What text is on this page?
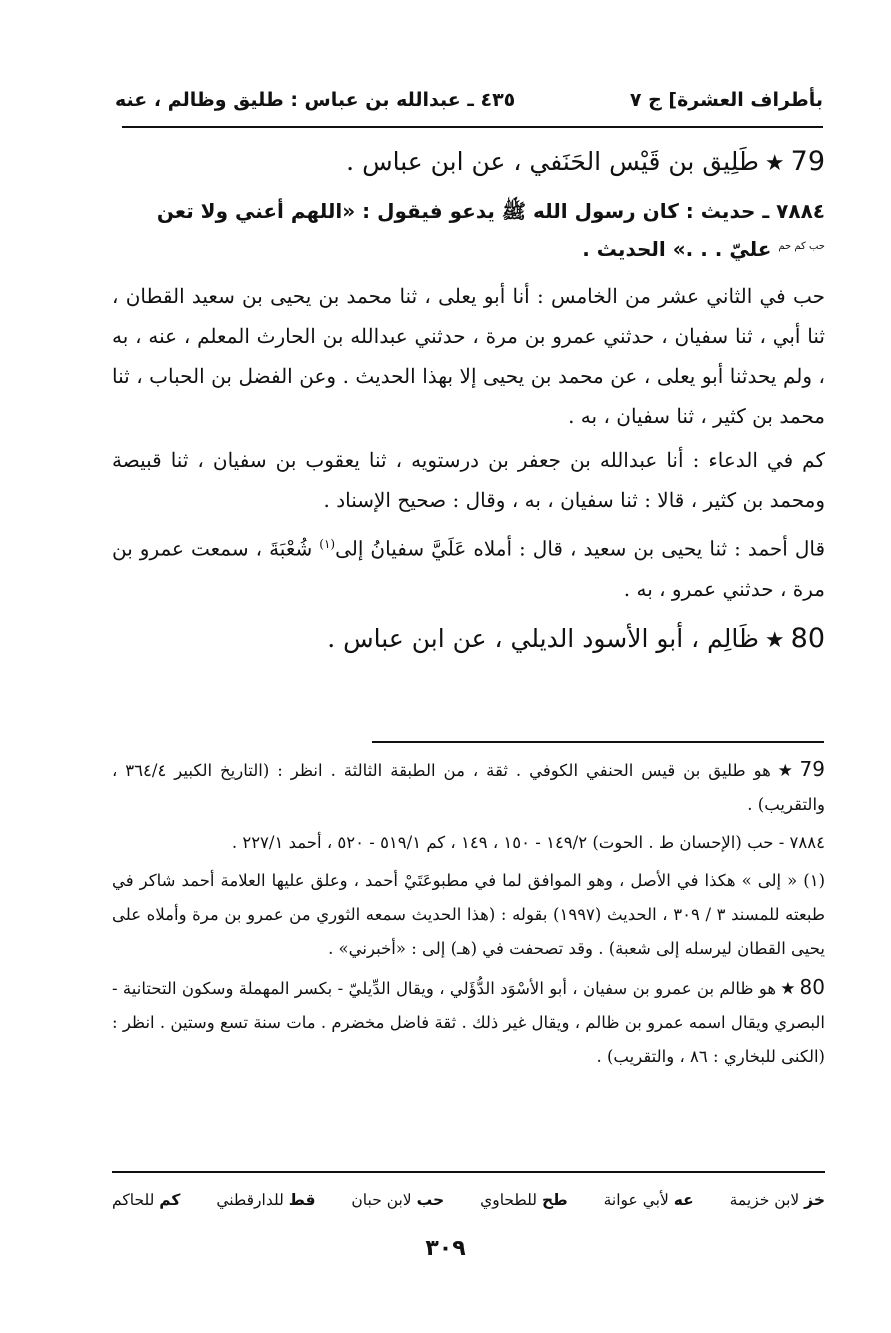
بأطراف العشرة] ج ٧
٤٣٥ ـ عبدالله بن عباس : طليق وظالم ، عنه

79★طَلِيق بن قَيْس الحَنَفي ، عن ابن عباس .

٧٨٨٤ ـ حديث : كان رسول الله ﷺ يدعو فيقول : «اللهم أعني ولا تعن
$^{حب كم حم}$ عليّ . . .» الحديث .

حب في الثاني عشر من الخامس : أنا أبو يعلى ، ثنا محمد بن يحيى بن سعيد القطان ، ثنا أبي ، ثنا سفيان ، حدثني عمرو بن مرة ، حدثني عبدالله بن الحارث المعلم ، عنه ، به ، ولم يحدثنا أبو يعلى ، عن محمد بن يحيى إلا بهذا الحديث . وعن الفضل بن الحباب ، ثنا محمد بن كثير ، ثنا سفيان ، به .

كم في الدعاء : أنا عبدالله بن جعفر بن درستويه ، ثنا يعقوب بن سفيان ، ثنا قبيصة ومحمد بن كثير ، قالا : ثنا سفيان ، به ، وقال : صحيح الإسناد .

قال أحمد : ثنا يحيى بن سعيد ، قال : أملاه عَلَيَّ سفيانُ إلى$^{(١)}$ شُعْبَةَ ، سمعت عمرو بن مرة ، حدثني عمرو ، به .

80★ظَالِم ، أبو الأسود الديلي ، عن ابن عباس .

79★هو طليق بن قيس الحنفي الكوفي . ثقة ، من الطبقة الثالثة . انظر : (التاريخ الكبير ٣٦٤/٤ ، والتقريب) .

٧٨٨٤ - حب (الإحسان ط . الحوت) ١٤٩/٢ - ١٥٠ ، ١٤٩ ، كم ٥١٩/١ - ٥٢٠ ، أحمد ٢٢٧/١ .

(١) « إلى » هكذا في الأصل ، وهو الموافق لما في مطبوعَتَيْ أحمد ، وعلق عليها العلامة أحمد شاكر في طبعته للمسند ٣ / ٣٠٩ ، الحديث (١٩٩٧) بقوله : (هذا الحديث سمعه الثوري من عمرو بن مرة وأملاه على يحيى القطان ليرسله إلى شعبة) . وقد تصحفت في (هـ) إلى : «أخبرني» .

80★هو ظالم بن عمرو بن سفيان ، أبو الأسْوَد الدُّؤَلي ، ويقال الدِّيليّ - بكسر المهملة وسكون التحتانية - البصري ويقال اسمه عمرو بن ظالم ، ويقال غير ذلك . ثقة فاضل مخضرم . مات سنة تسع وستين . انظر : (الكنى للبخاري : ٨٦ ، والتقريب) .

خز لابن خزيمة
عه لأبي عوانة
طح للطحاوي
حب لابن حبان
قط للدارقطني
كم للحاكم
٣٠٩
